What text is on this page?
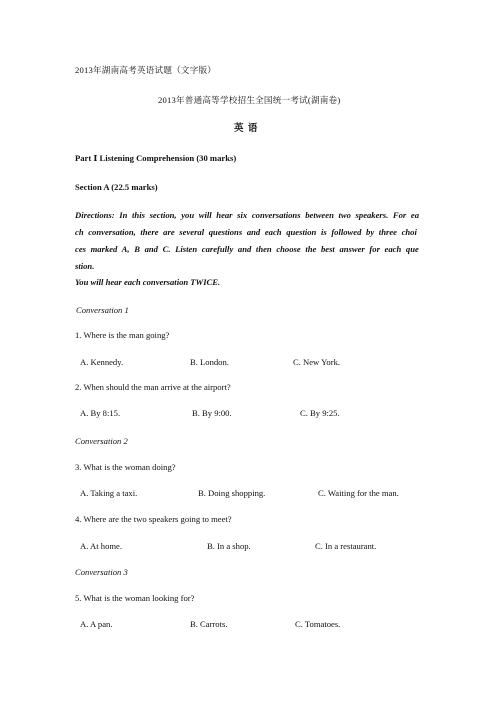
2013年湖南高考英语试题（文字版）
2013年普通高等学校招生全国统一考试(湖南卷)
英 语
Part Ⅰ Listening Comprehension (30 marks)
Section A (22.5 marks)
Directions: In this section, you will hear six conversations between two speakers. For ea
ch conversation, there are several questions and each question is followed by three choi
ces marked A, B and C. Listen carefully and then choose the best answer for each que
stion.
You will hear each conversation TWICE.
Conversation 1
1. Where is the man going?
A. Kennedy.	B. London.	C. New York.
2. When should the man arrive at the airport?
A. By 8:15.	B. By 9:00.	C. By 9:25.
Conversation 2
3. What is the woman doing?
A. Taking a taxi.	B. Doing shopping.	C. Waiting for the man.
4. Where are the two speakers going to meet?
A. At home.	B. In a shop.	C. In a restaurant.
Conversation 3
5. What is the woman looking for?
A. A pan.	B. Carrots.	C. Tomatoes.
